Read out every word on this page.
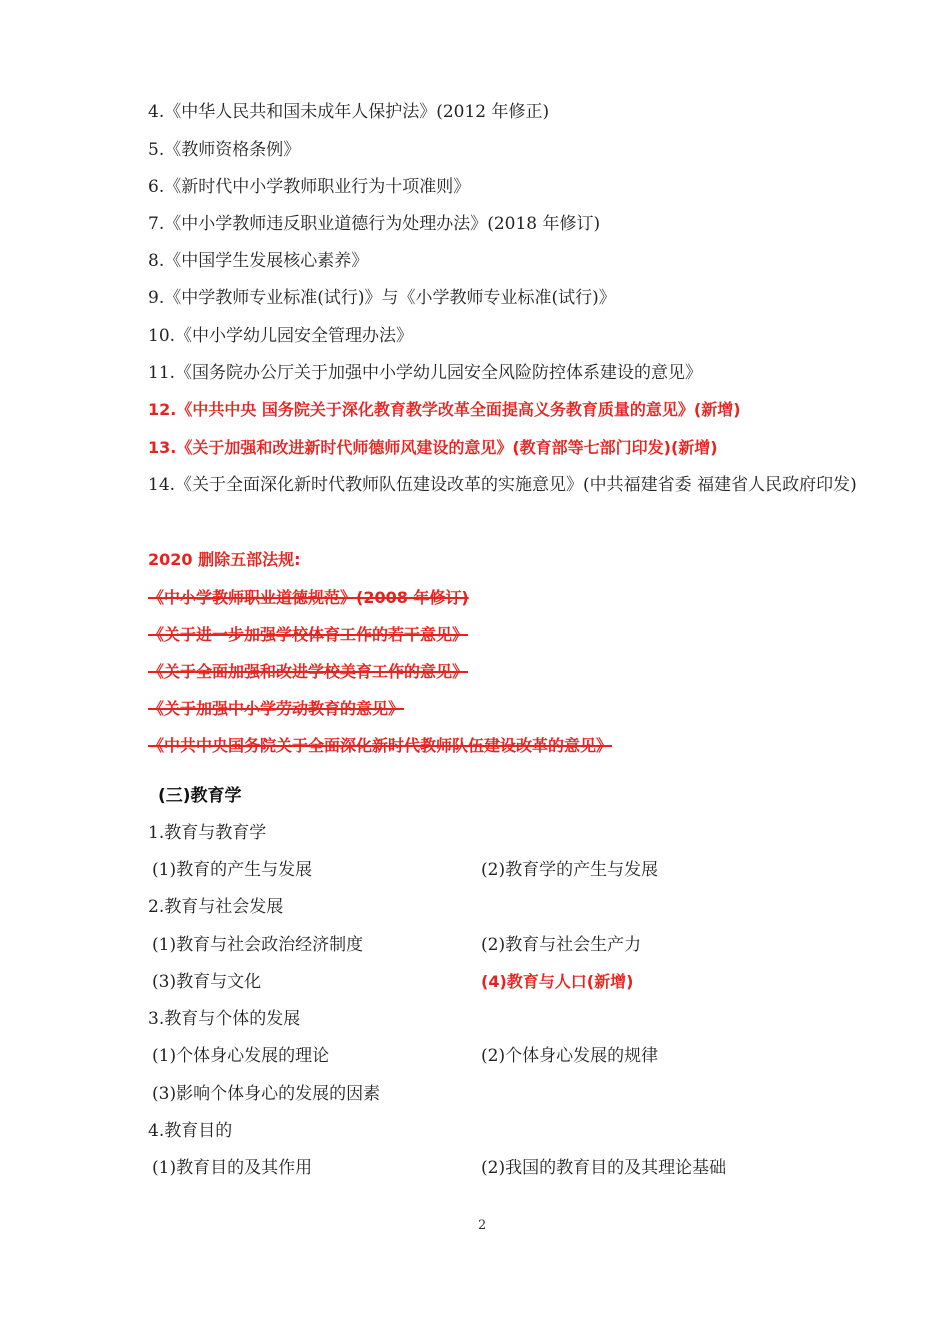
4.《中华人民共和国未成年人保护法》(2012 年修正)
5.《教师资格条例》
6.《新时代中小学教师职业行为十项准则》
7.《中小学教师违反职业道德行为处理办法》(2018 年修订)
8.《中国学生发展核心素养》
9.《中学教师专业标准(试行)》与《小学教师专业标准(试行)》
10.《中小学幼儿园安全管理办法》
11.《国务院办公厅关于加强中小学幼儿园安全风险防控体系建设的意见》
12.《中共中央 国务院关于深化教育教学改革全面提高义务教育质量的意见》(新增)
13.《关于加强和改进新时代师德师风建设的意见》(教育部等七部门印发)(新增)
14.《关于全面深化新时代教师队伍建设改革的实施意见》(中共福建省委 福建省人民政府印发)
2020 删除五部法规:
《中小学教师职业道德规范》(2008 年修订)
《关于进一步加强学校体育工作的若干意见》
《关于全面加强和改进学校美育工作的意见》
《关于加强中小学劳动教育的意见》
《中共中央国务院关于全面深化新时代教师队伍建设改革的意见》
(三)教育学
1.教育与教育学
(1)教育的产生与发展	(2)教育学的产生与发展
2.教育与社会发展
(1)教育与社会政治经济制度	(2)教育与社会生产力
(3)教育与文化	(4)教育与人口(新增)
3.教育与个体的发展
(1)个体身心发展的理论	(2)个体身心发展的规律
(3)影响个体身心的发展的因素
4.教育目的
(1)教育目的及其作用	(2)我国的教育目的及其理论基础
2
